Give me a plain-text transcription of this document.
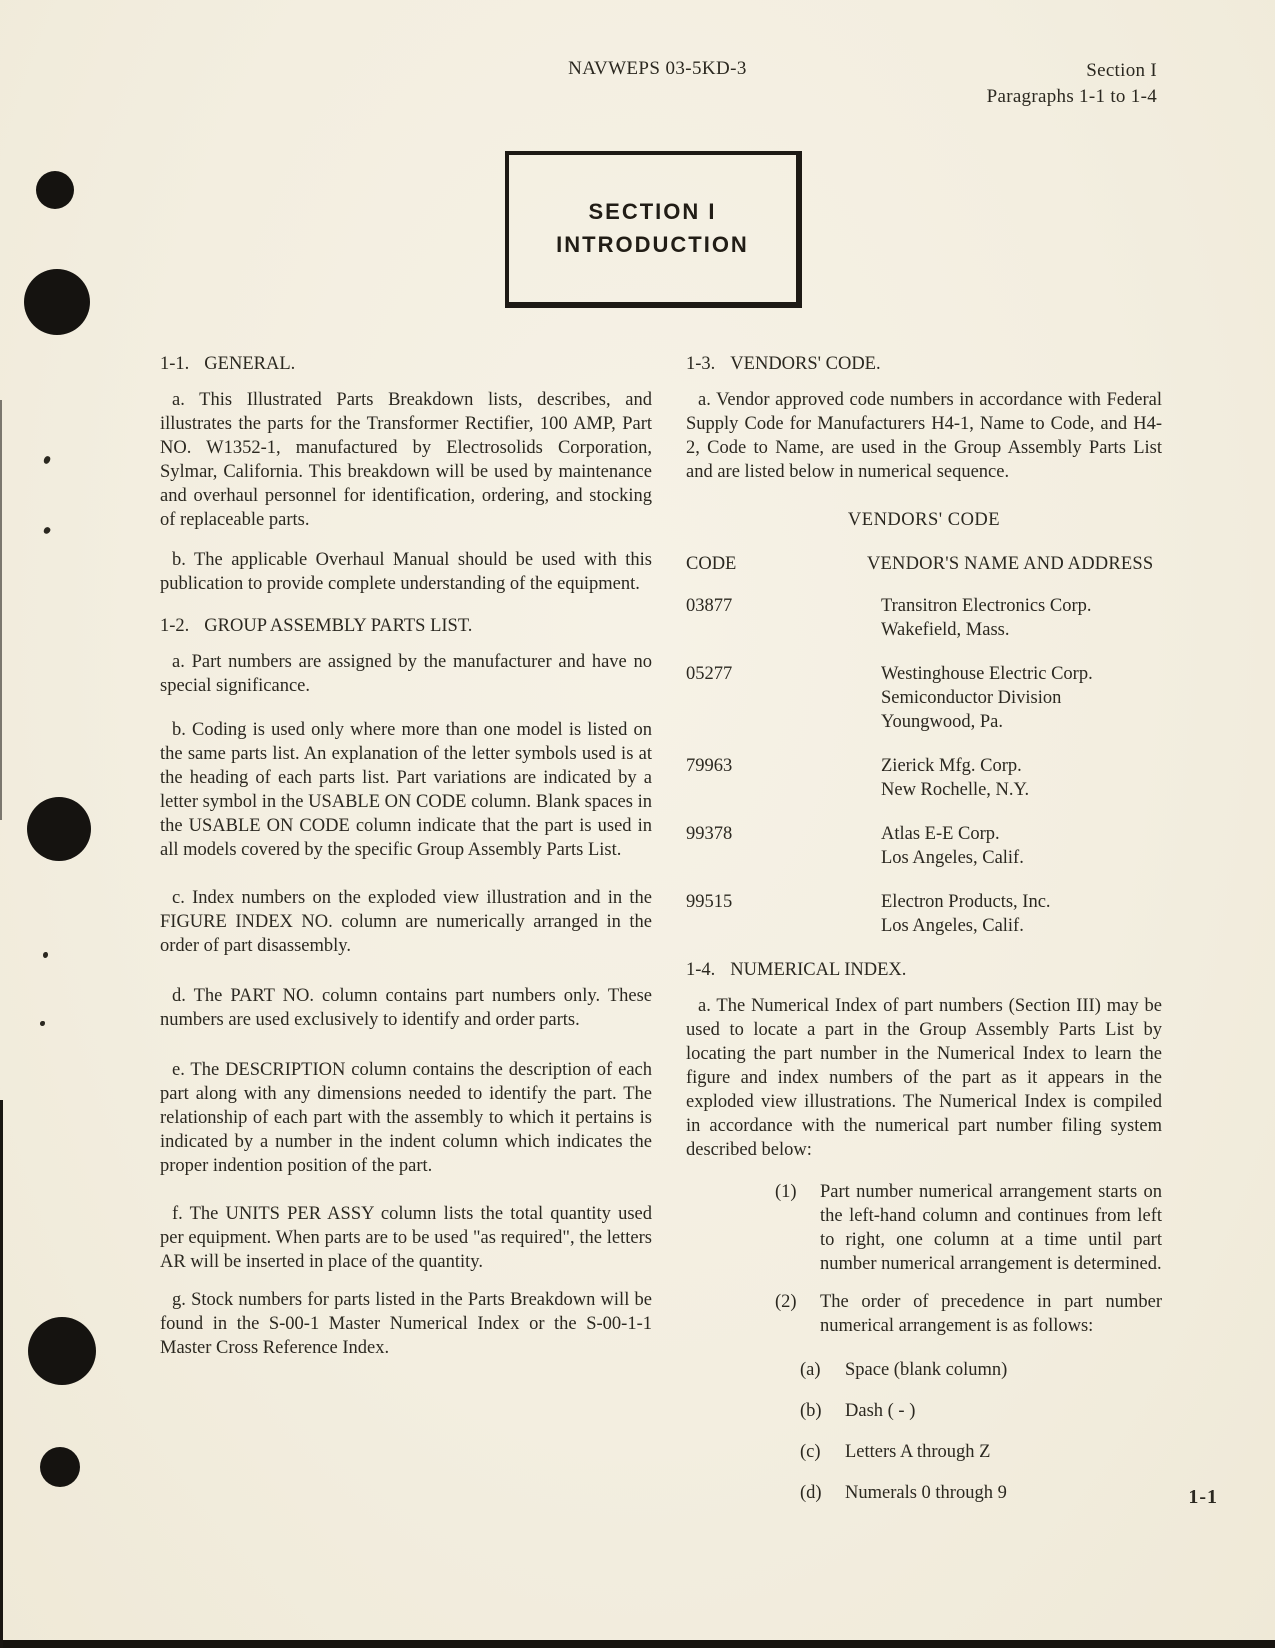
NAVWEPS 03-5KD-3	Section I
Paragraphs 1-1 to 1-4
SECTION I
INTRODUCTION
1-1. GENERAL.

a. This Illustrated Parts Breakdown lists, describes, and illustrates the parts for the Transformer Rectifier, 100 AMP, Part NO. W1352-1, manufactured by Electrosolids Corporation, Sylmar, California. This breakdown will be used by maintenance and overhaul personnel for identification, ordering, and stocking of replaceable parts.

b. The applicable Overhaul Manual should be used with this publication to provide complete understanding of the equipment.

1-2. GROUP ASSEMBLY PARTS LIST.

a. Part numbers are assigned by the manufacturer and have no special significance.

b. Coding is used only where more than one model is listed on the same parts list. An explanation of the letter symbols used is at the heading of each parts list. Part variations are indicated by a letter symbol in the USABLE ON CODE column. Blank spaces in the USABLE ON CODE column indicate that the part is used in all models covered by the specific Group Assembly Parts List.

c. Index numbers on the exploded view illustration and in the FIGURE INDEX NO. column are numerically arranged in the order of part disassembly.

d. The PART NO. column contains part numbers only. These numbers are used exclusively to identify and order parts.

e. The DESCRIPTION column contains the description of each part along with any dimensions needed to identify the part. The relationship of each part with the assembly to which it pertains is indicated by a number in the indent column which indicates the proper indention position of the part.

f. The UNITS PER ASSY column lists the total quantity used per equipment. When parts are to be used "as required", the letters AR will be inserted in place of the quantity.

g. Stock numbers for parts listed in the Parts Breakdown will be found in the S-00-1 Master Numerical Index or the S-00-1-1 Master Cross Reference Index.

1-3. VENDORS' CODE.

a. Vendor approved code numbers in accordance with Federal Supply Code for Manufacturers H4-1, Name to Code, and H4-2, Code to Name, are used in the Group Assembly Parts List and are listed below in numerical sequence.

VENDORS' CODE
CODE	VENDOR'S NAME AND ADDRESS
03877	Transitron Electronics Corp.
Wakefield, Mass.
05277	Westinghouse Electric Corp.
Semiconductor Division
Youngwood, Pa.
79963	Zierick Mfg. Corp.
New Rochelle, N.Y.
99378	Atlas E-E Corp.
Los Angeles, Calif.
99515	Electron Products, Inc.
Los Angeles, Calif.
1-4. NUMERICAL INDEX.

a. The Numerical Index of part numbers (Section III) may be used to locate a part in the Group Assembly Parts List by locating the part number in the Numerical Index to learn the figure and index numbers of the part as it appears in the exploded view illustrations. The Numerical Index is compiled in accordance with the numerical part number filing system described below:

(1)	Part number numerical arrangement starts on the left-hand column and continues from left to right, one column at a time until part number numerical arrangement is determined.
(2)	The order of precedence in part number numerical arrangement is as follows:
(a)	Space (blank column)
(b)	Dash ( - )
(c)	Letters A through Z
(d)	Numerals 0 through 9	1-1
